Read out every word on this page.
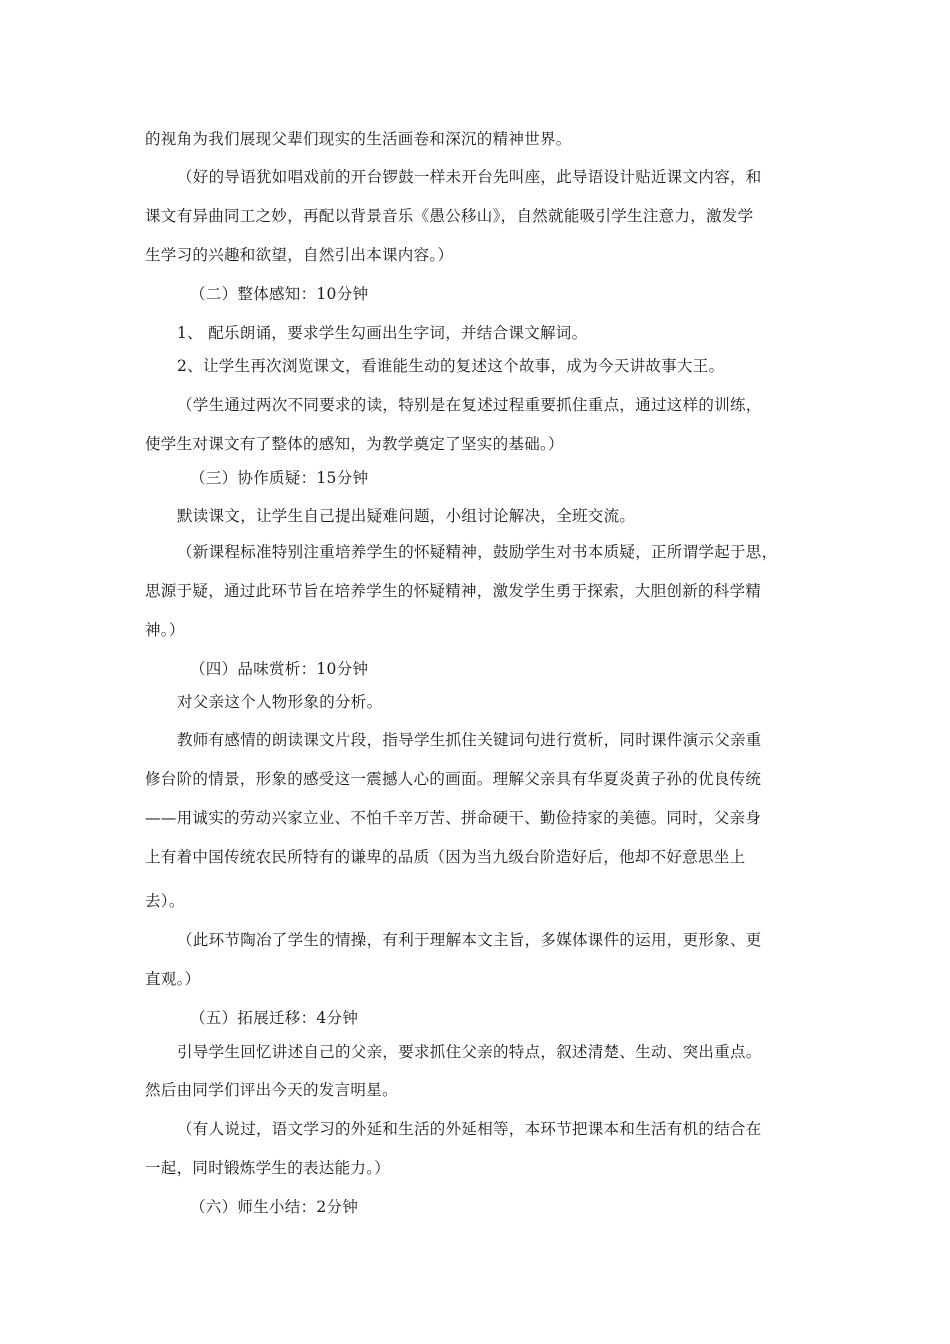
的视角为我们展现父辈们现实的生活画卷和深沉的精神世界。
（好的导语犹如唱戏前的开台锣鼓一样未开台先叫座，此导语设计贴近课文内容，和
课文有异曲同工之妙，再配以背景音乐《愚公移山》，自然就能吸引学生注意力，激发学
生学习的兴趣和欲望，自然引出本课内容。）
（二）整体感知：10分钟
1、 配乐朗诵，要求学生勾画出生字词，并结合课文解词。
2、让学生再次浏览课文，看谁能生动的复述这个故事，成为今天讲故事大王。
（学生通过两次不同要求的读，特别是在复述过程重要抓住重点，通过这样的训练，
使学生对课文有了整体的感知，为教学奠定了坚实的基础。）
（三）协作质疑：15分钟
默读课文，让学生自己提出疑难问题，小组讨论解决，全班交流。
（新课程标准特别注重培养学生的怀疑精神，鼓励学生对书本质疑，正所谓学起于思，
思源于疑，通过此环节旨在培养学生的怀疑精神，激发学生勇于探索，大胆创新的科学精
神。）
（四）品味赏析：10分钟
对父亲这个人物形象的分析。
教师有感情的朗读课文片段，指导学生抓住关键词句进行赏析，同时课件演示父亲重
修台阶的情景，形象的感受这一震撼人心的画面。理解父亲具有华夏炎黄子孙的优良传统
——用诚实的劳动兴家立业、不怕千辛万苦、拼命硬干、勤俭持家的美德。同时，父亲身
上有着中国传统农民所特有的谦卑的品质（因为当九级台阶造好后，他却不好意思坐上
去）。
（此环节陶冶了学生的情操，有利于理解本文主旨，多媒体课件的运用，更形象、更
直观。）
（五）拓展迁移：4分钟
引导学生回忆讲述自己的父亲，要求抓住父亲的特点，叙述清楚、生动、突出重点。
然后由同学们评出今天的发言明星。
（有人说过，语文学习的外延和生活的外延相等，本环节把课本和生活有机的结合在
一起，同时锻炼学生的表达能力。）
（六）师生小结：2分钟
